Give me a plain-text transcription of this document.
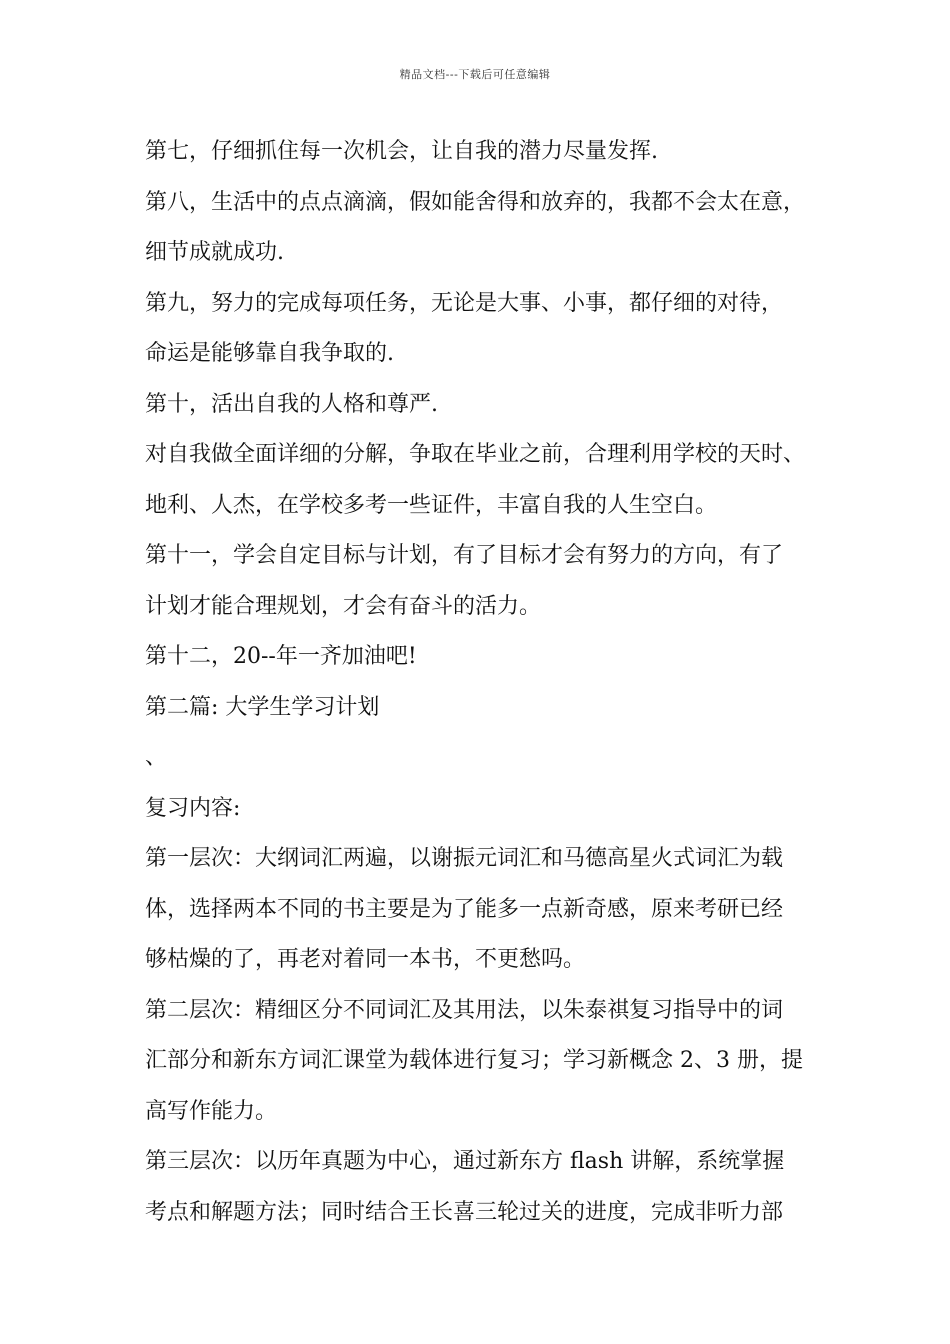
精品文档---下载后可任意编辑
第七，仔细抓住每一次机会，让自我的潜力尽量发挥.
第八，生活中的点点滴滴，假如能舍得和放弃的，我都不会太在意，
细节成就成功.
第九，努力的完成每项任务，无论是大事、小事，都仔细的对待，
命运是能够靠自我争取的.
第十，活出自我的人格和尊严.
对自我做全面详细的分解，争取在毕业之前，合理利用学校的天时、
地利、人杰，在学校多考一些证件，丰富自我的人生空白。
第十一，学会自定目标与计划，有了目标才会有努力的方向，有了
计划才能合理规划，才会有奋斗的活力。
第十二，20--年一齐加油吧!
第二篇: 大学生学习计划
、
复习内容:
第一层次：大纲词汇两遍，以谢振元词汇和马德高星火式词汇为载
体，选择两本不同的书主要是为了能多一点新奇感，原来考研已经
够枯燥的了，再老对着同一本书，不更愁吗。
第二层次：精细区分不同词汇及其用法，以朱泰祺复习指导中的词
汇部分和新东方词汇课堂为载体进行复习；学习新概念 2、3 册，提
高写作能力。
第三层次：以历年真题为中心，通过新东方 flash 讲解，系统掌握
考点和解题方法；同时结合王长喜三轮过关的进度，完成非听力部
